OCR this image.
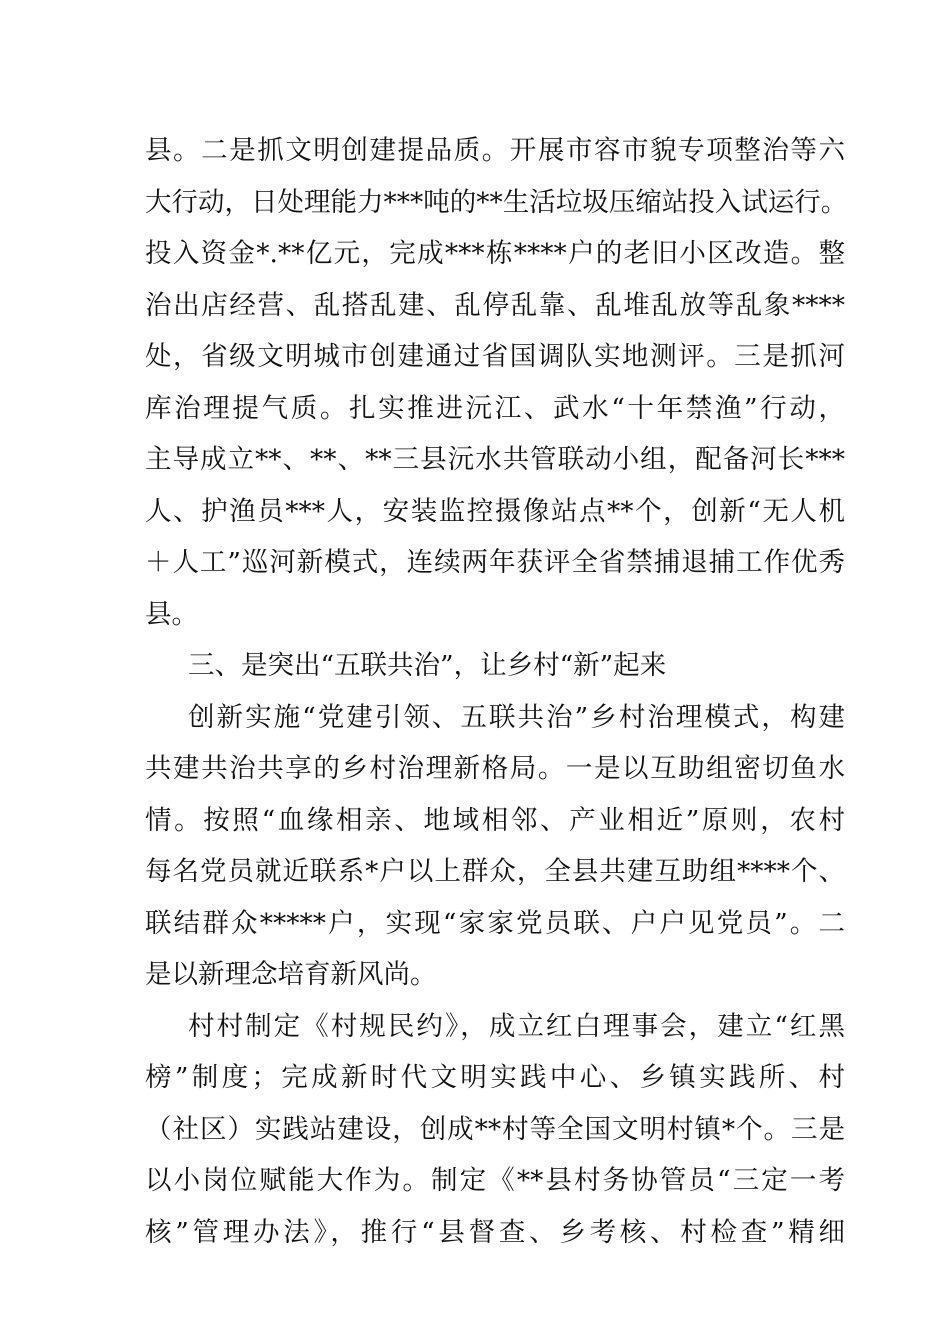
县。二是抓文明创建提品质。开展市容市貌专项整治等六
大行动，日处理能力***吨的**生活垃圾压缩站投入试运行。
投入资金*.**亿元，完成***栋****户的老旧小区改造。整
治出店经营、乱搭乱建、乱停乱靠、乱堆乱放等乱象****
处，省级文明城市创建通过省国调队实地测评。三是抓河
库治理提气质。扎实推进沅江、武水“十年禁渔”行动，
主导成立**、**、**三县沅水共管联动小组，配备河长***
人、护渔员***人，安装监控摄像站点**个，创新“无人机
＋人工”巡河新模式，连续两年获评全省禁捕退捕工作优秀
县。
三、是突出“五联共治”，让乡村“新”起来
创新实施“党建引领、五联共治”乡村治理模式，构建
共建共治共享的乡村治理新格局。一是以互助组密切鱼水
情。按照“血缘相亲、地域相邻、产业相近”原则，农村
每名党员就近联系*户以上群众，全县共建互助组****个、
联结群众*****户，实现“家家党员联、户户见党员”。二
是以新理念培育新风尚。
村村制定《村规民约》，成立红白理事会，建立“红黑
榜”制度；完成新时代文明实践中心、乡镇实践所、村
（社区）实践站建设，创成**村等全国文明村镇*个。三是
以小岗位赋能大作为。制定《**县村务协管员“三定一考
核”管理办法》，推行“县督查、乡考核、村检查”精细
